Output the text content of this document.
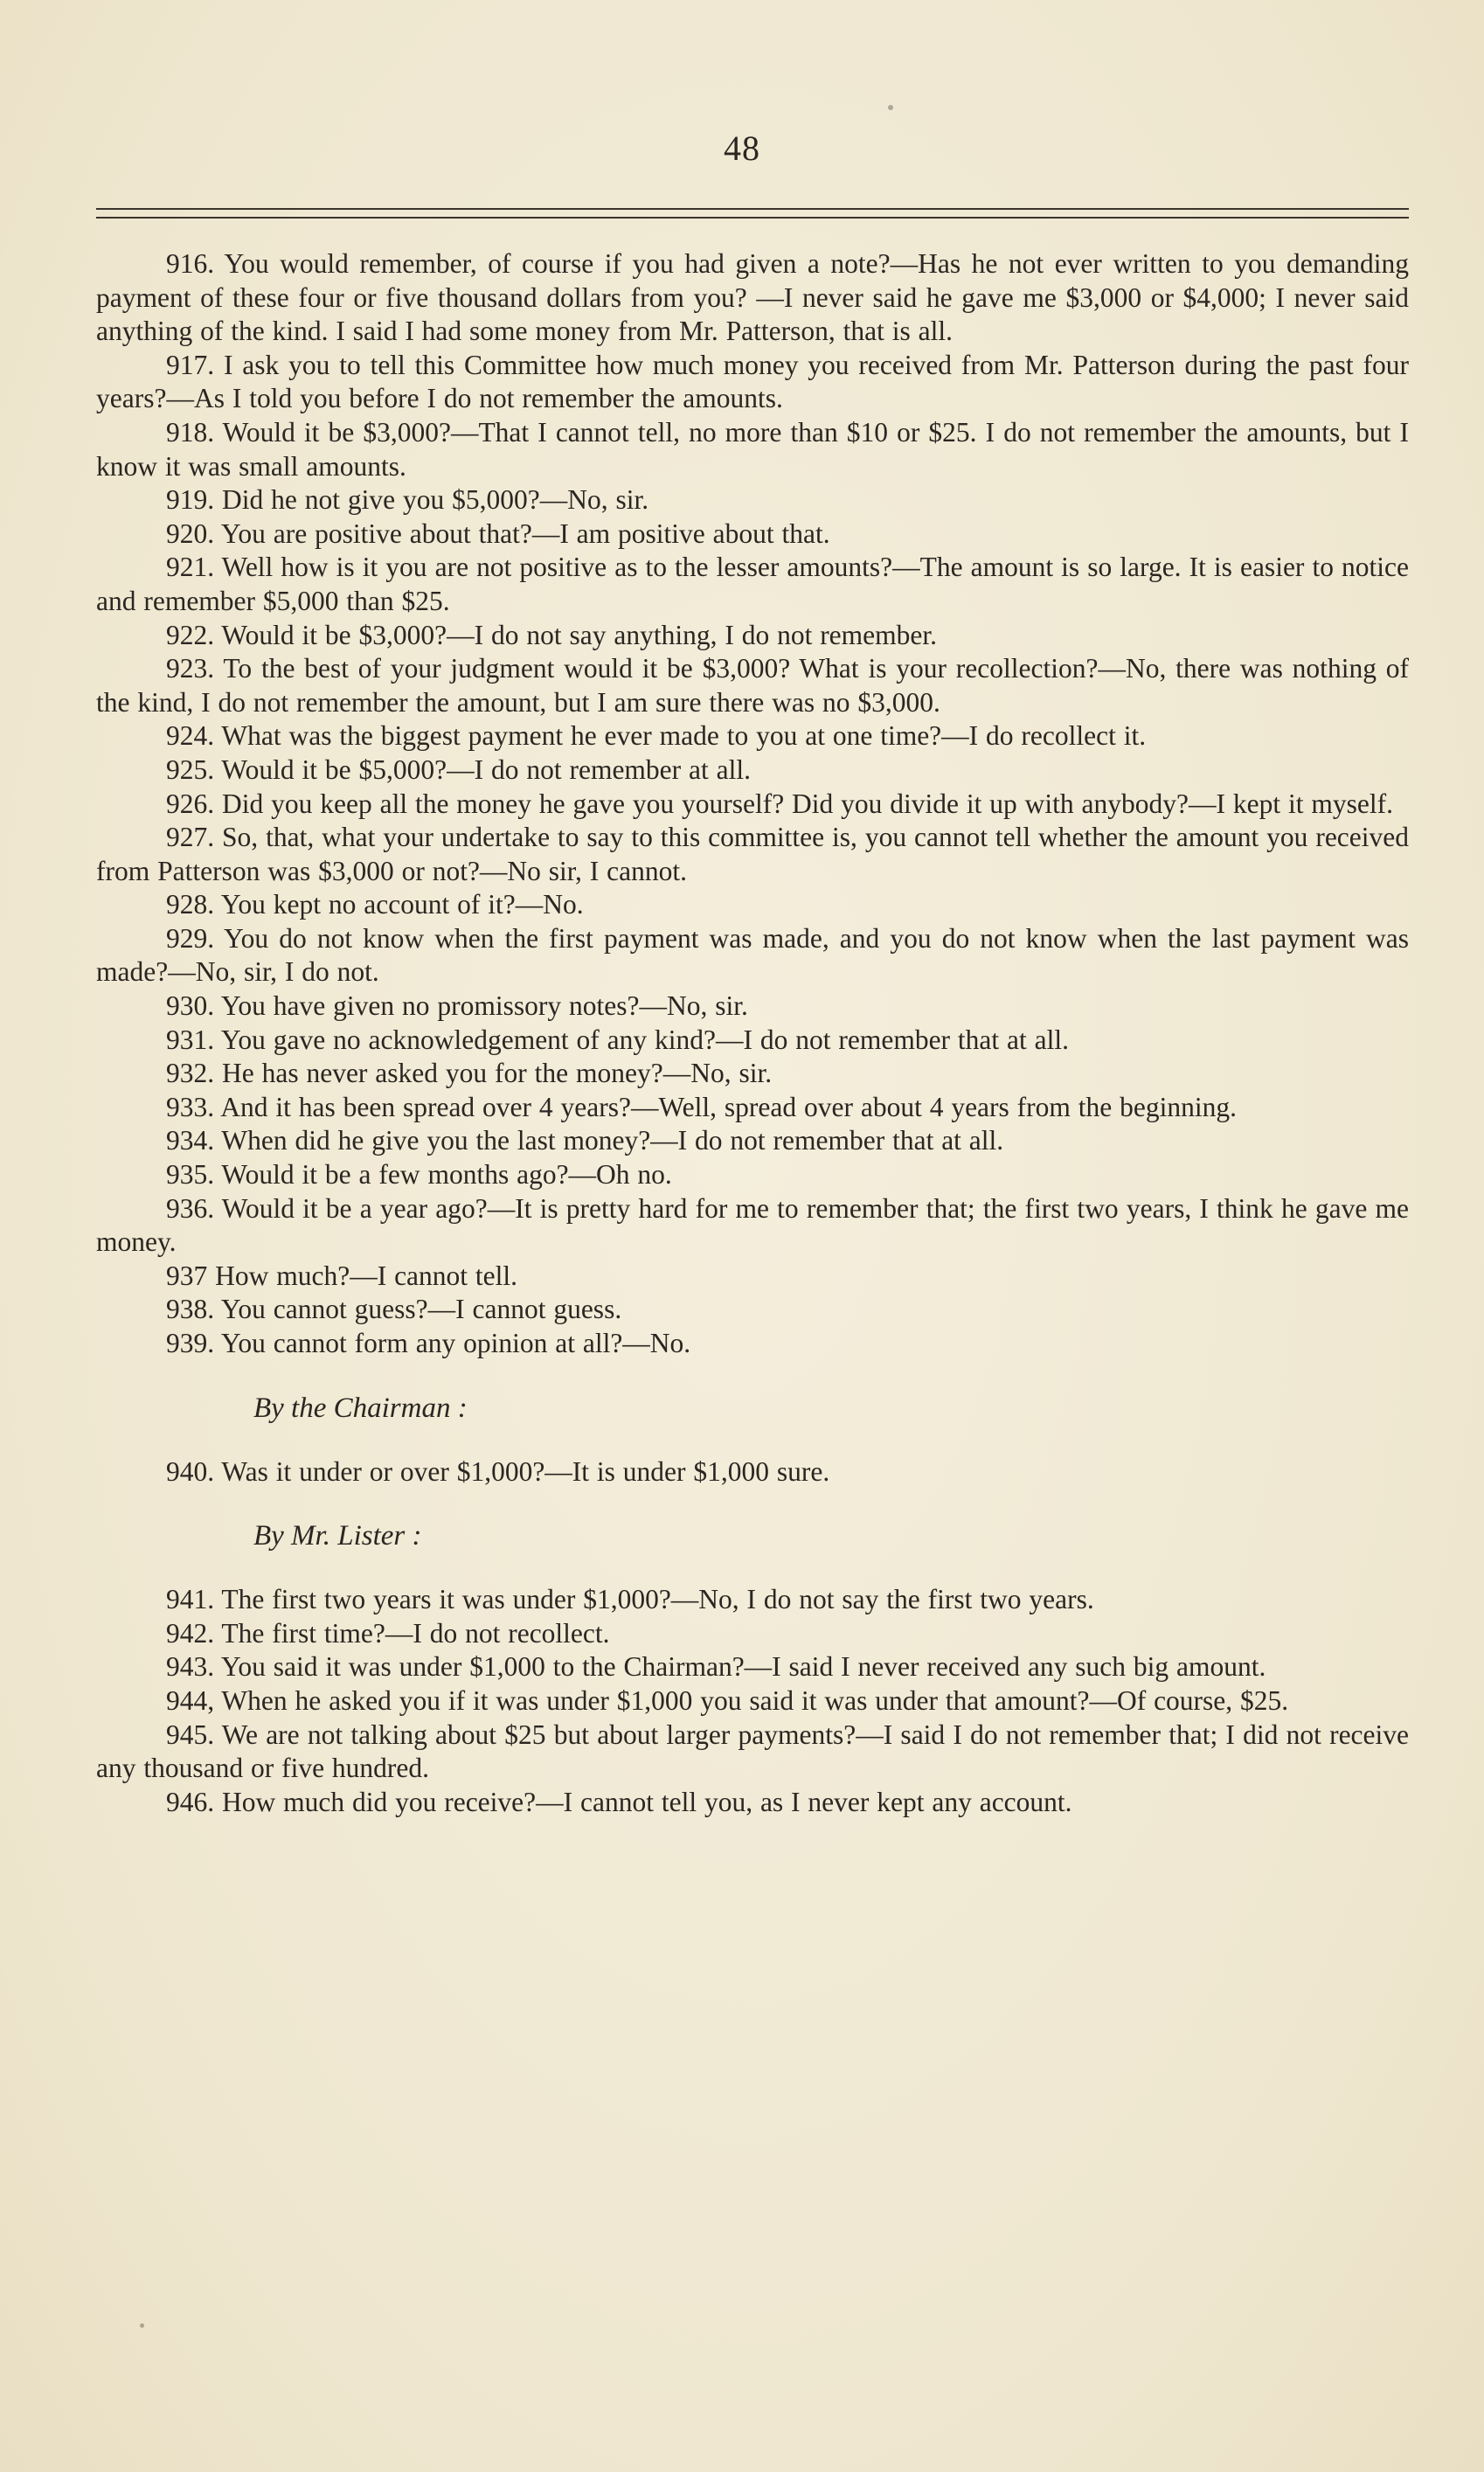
48

916. You would remember, of course if you had given a note?—Has he not ever written to you demanding payment of these four or five thousand dollars from you? —I never said he gave me $3,000 or $4,000; I never said anything of the kind. I said I had some money from Mr. Patterson, that is all.

917. I ask you to tell this Committee how much money you received from Mr. Patterson during the past four years?—As I told you before I do not remember the amounts.

918. Would it be $3,000?—That I cannot tell, no more than $10 or $25. I do not remember the amounts, but I know it was small amounts.

919. Did he not give you $5,000?—No, sir.

920. You are positive about that?—I am positive about that.

921. Well how is it you are not positive as to the lesser amounts?—The amount is so large. It is easier to notice and remember $5,000 than $25.

922. Would it be $3,000?—I do not say anything, I do not remember.

923. To the best of your judgment would it be $3,000? What is your recollection?—No, there was nothing of the kind, I do not remember the amount, but I am sure there was no $3,000.

924. What was the biggest payment he ever made to you at one time?—I do recollect it.

925. Would it be $5,000?—I do not remember at all.

926. Did you keep all the money he gave you yourself? Did you divide it up with anybody?—I kept it myself.

927. So, that, what your undertake to say to this committee is, you cannot tell whether the amount you received from Patterson was $3,000 or not?—No sir, I cannot.

928. You kept no account of it?—No.

929. You do not know when the first payment was made, and you do not know when the last payment was made?—No, sir, I do not.

930. You have given no promissory notes?—No, sir.

931. You gave no acknowledgement of any kind?—I do not remember that at all.

932. He has never asked you for the money?—No, sir.

933. And it has been spread over 4 years?—Well, spread over about 4 years from the beginning.

934. When did he give you the last money?—I do not remember that at all.

935. Would it be a few months ago?—Oh no.

936. Would it be a year ago?—It is pretty hard for me to remember that; the first two years, I think he gave me money.

937 How much?—I cannot tell.

938. You cannot guess?—I cannot guess.

939. You cannot form any opinion at all?—No.

By the Chairman :

940. Was it under or over $1,000?—It is under $1,000 sure.

By Mr. Lister :

941. The first two years it was under $1,000?—No, I do not say the first two years.

942. The first time?—I do not recollect.

943. You said it was under $1,000 to the Chairman?—I said I never received any such big amount.

944, When he asked you if it was under $1,000 you said it was under that amount?—Of course, $25.

945. We are not talking about $25 but about larger payments?—I said I do not remember that; I did not receive any thousand or five hundred.

946. How much did you receive?—I cannot tell you, as I never kept any account.
